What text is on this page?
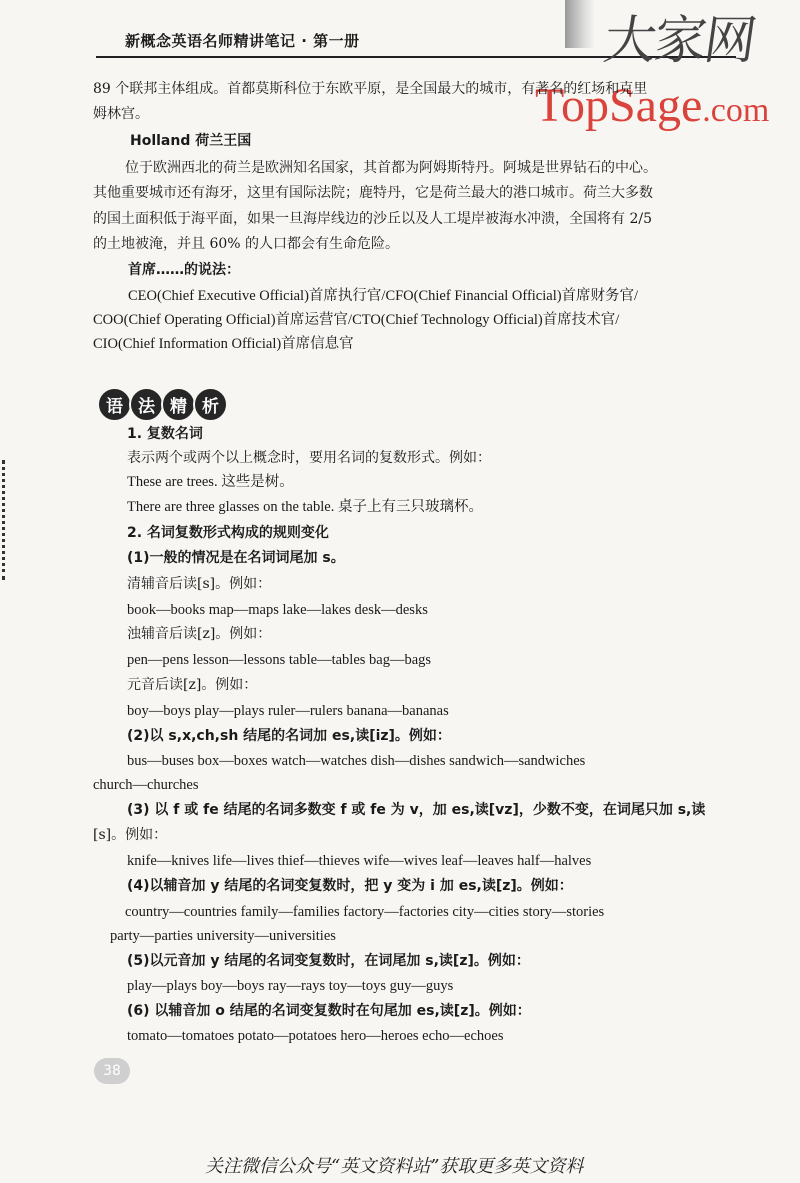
新概念英语名师精讲笔记 · 第一册	大家网
TopSage.com
89 个联邦主体组成。首都莫斯科位于东欧平原，是全国最大的城市，有著名的红场和克里
姆林宫。
Holland 荷兰王国
位于欧洲西北的荷兰是欧洲知名国家，其首都为阿姆斯特丹。阿城是世界钻石的中心。
其他重要城市还有海牙，这里有国际法院；鹿特丹，它是荷兰最大的港口城市。荷兰大多数
的国土面积低于海平面，如果一旦海岸线边的沙丘以及人工堤岸被海水冲溃，全国将有 2/5
的土地被淹，并且 60% 的人口都会有生命危险。
首席……的说法：
CEO(Chief Executive Official)首席执行官/CFO(Chief Financial Official)首席财务官/
COO(Chief Operating Official)首席运营官/CTO(Chief Technology Official)首席技术官/
CIO(Chief Information Official)首席信息官
语 法 精 析
1. 复数名词
表示两个或两个以上概念时，要用名词的复数形式。例如：
These are trees. 这些是树。
There are three glasses on the table. 桌子上有三只玻璃杯。
2. 名词复数形式构成的规则变化
(1)一般的情况是在名词词尾加 s。
清辅音后读[s]。例如：
book—books map—maps lake—lakes desk—desks
浊辅音后读[z]。例如：
pen—pens lesson—lessons table—tables bag—bags
元音后读[z]。例如：
boy—boys play—plays ruler—rulers banana—bananas
(2)以 s,x,ch,sh 结尾的名词加 es,读[iz]。例如：
bus—buses box—boxes watch—watches dish—dishes sandwich—sandwiches
church—churches
(3) 以 f 或 fe 结尾的名词多数变 f 或 fe 为 v，加 es,读[vz]，少数不变，在词尾只加 s,读
[s]。例如：
knife—knives life—lives thief—thieves wife—wives leaf—leaves half—halves
(4)以辅音加 y 结尾的名词变复数时，把 y 变为 i 加 es,读[z]。例如：
country—countries family—families factory—factories city—cities story—stories
party—parties university—universities
(5)以元音加 y 结尾的名词变复数时，在词尾加 s,读[z]。例如：
play—plays boy—boys ray—rays toy—toys guy—guys
(6) 以辅音加 o 结尾的名词变复数时在句尾加 es,读[z]。例如：
tomato—tomatoes potato—potatoes hero—heroes echo—echoes
38
关注微信公众号“英文资料站”获取更多英文资料
